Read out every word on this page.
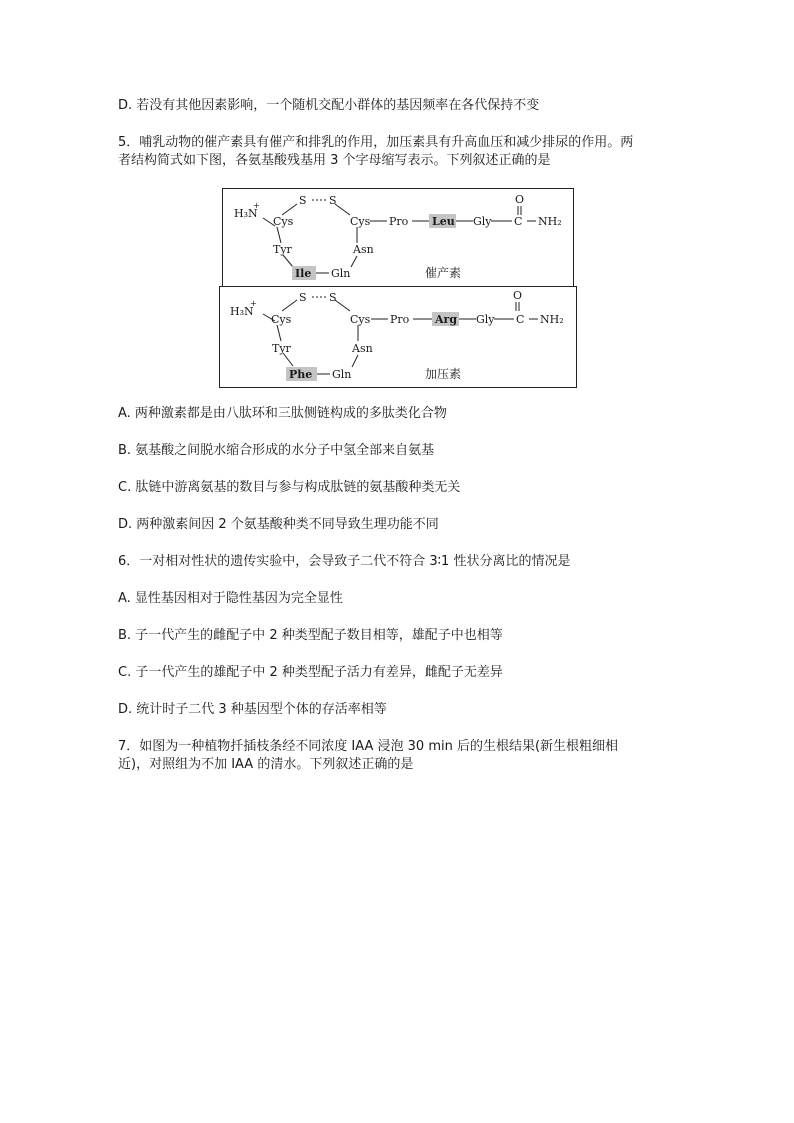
D. 若没有其他因素影响，一个随机交配小群体的基因频率在各代保持不变
5．哺乳动物的催产素具有催产和排乳的作用，加压素具有升高血压和减少排尿的作用。两
者结构简式如下图，各氨基酸残基用 3 个字母缩写表示。下列叙述正确的是
H₃N
+
Cys
S S
Cys Pro Leu Gly
O
C NH₂
Tyr	Asn
Ile Gln	催产素
H₃N
+
Cys
S S
Cys Pro Arg Gly
O
C NH₂
Tyr	Asn
Phe Gln	加压素
A. 两种激素都是由八肽环和三肽侧链构成的多肽类化合物
B. 氨基酸之间脱水缩合形成的水分子中氢全部来自氨基
C. 肽链中游离氨基的数目与参与构成肽链的氨基酸种类无关
D. 两种激素间因 2 个氨基酸种类不同导致生理功能不同
6．一对相对性状的遗传实验中，会导致子二代不符合 3∶1 性状分离比的情况是
A. 显性基因相对于隐性基因为完全显性
B. 子一代产生的雌配子中 2 种类型配子数目相等，雄配子中也相等
C. 子一代产生的雄配子中 2 种类型配子活力有差异，雌配子无差异
D. 统计时子二代 3 种基因型个体的存活率相等
7．如图为一种植物扦插枝条经不同浓度 IAA 浸泡 30 min 后的生根结果(新生根粗细相
近)，对照组为不加 IAA 的清水。下列叙述正确的是
